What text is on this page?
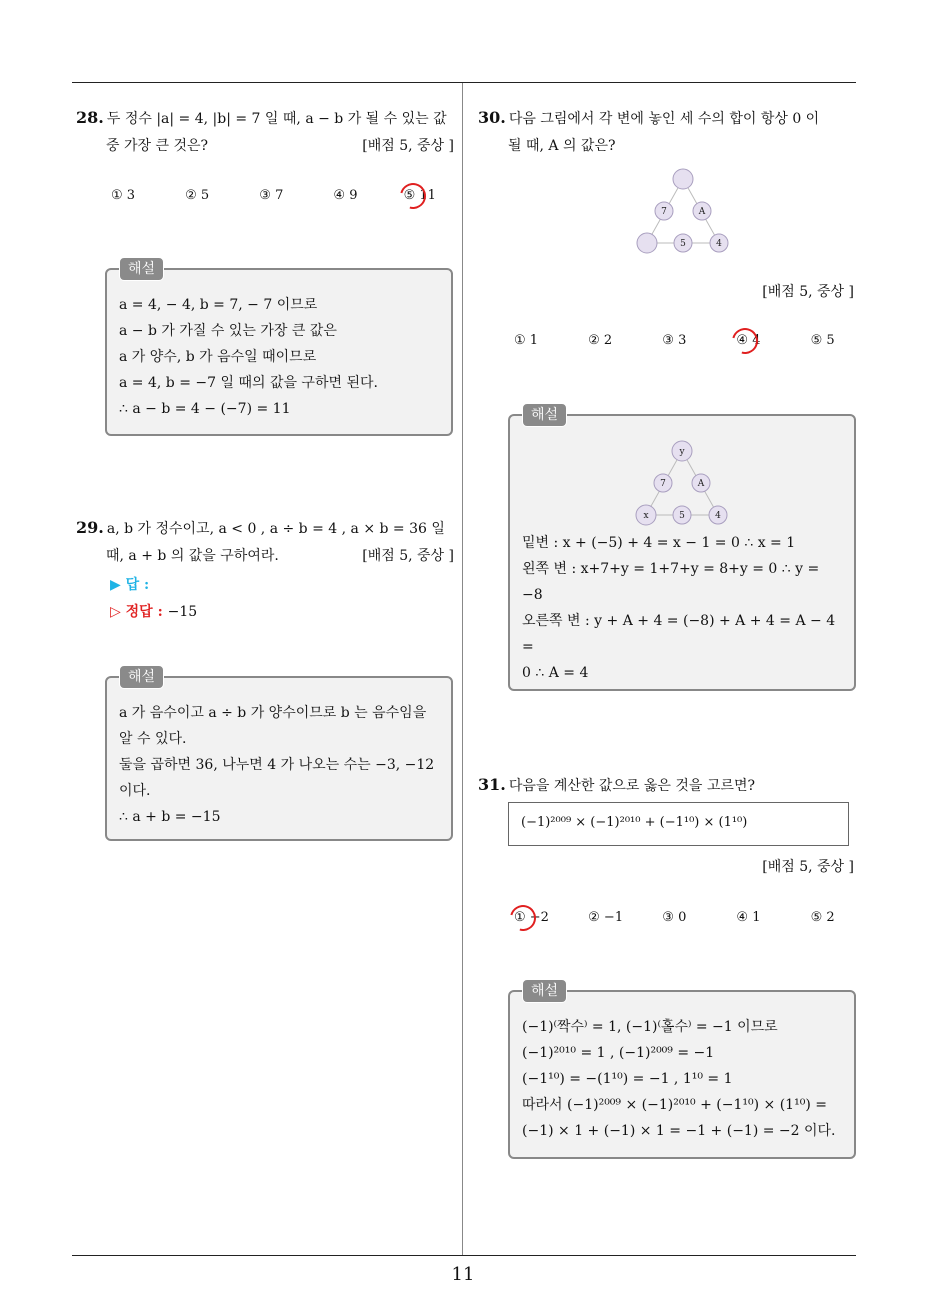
28. 두 정수 |a| = 4, |b| = 7 일 때, a − b 가 될 수 있는 값
중 가장 큰 것은?	[배점 5, 중상 ]
① 3	② 5	③ 7	④ 9	⑤ 11
해설
a = 4, − 4, b = 7, − 7 이므로
a − b 가 가질 수 있는 가장 큰 값은
a 가 양수, b 가 음수일 때이므로
a = 4, b = −7 일 때의 값을 구하면 된다.
∴ a − b = 4 − (−7) = 11
29. a, b 가 정수이고, a < 0 , a ÷ b = 4 , a × b = 36 일
때, a + b 의 값을 구하여라.	[배점 5, 중상 ]
▶ 답 :
▷ 정답 : −15
해설
a 가 음수이고 a ÷ b 가 양수이므로 b 는 음수임을
알 수 있다.
둘을 곱하면 36, 나누면 4 가 나오는 수는 −3, −12
이다.
∴ a + b = −15
30. 다음 그림에서 각 변에 놓인 세 수의 합이 항상 0 이
될 때, A 의 값은?
7	A
5	4
[배점 5, 중상 ]
① 1	② 2	③ 3	④ 4	⑤ 5
해설
y
7	A
x	5	4
밑변 : x + (−5) + 4 = x − 1 = 0 ∴ x = 1
왼쪽 변 : x+7+y = 1+7+y = 8+y = 0 ∴ y =
−8
오른쪽 변 : y + A + 4 = (−8) + A + 4 = A − 4 =
0 ∴ A = 4
31. 다음을 계산한 값으로 옳은 것을 고르면?
(−1)²⁰⁰⁹ × (−1)²⁰¹⁰ + (−1¹⁰) × (1¹⁰)
[배점 5, 중상 ]
① −2	② −1	③ 0	④ 1	⑤ 2
해설
(−1)⁽짝수⁾ = 1, (−1)⁽홀수⁾ = −1 이므로
(−1)²⁰¹⁰ = 1 , (−1)²⁰⁰⁹ = −1
(−1¹⁰) = −(1¹⁰) = −1 , 1¹⁰ = 1
따라서 (−1)²⁰⁰⁹ × (−1)²⁰¹⁰ + (−1¹⁰) × (1¹⁰) =
(−1) × 1 + (−1) × 1 = −1 + (−1) = −2 이다.
11
